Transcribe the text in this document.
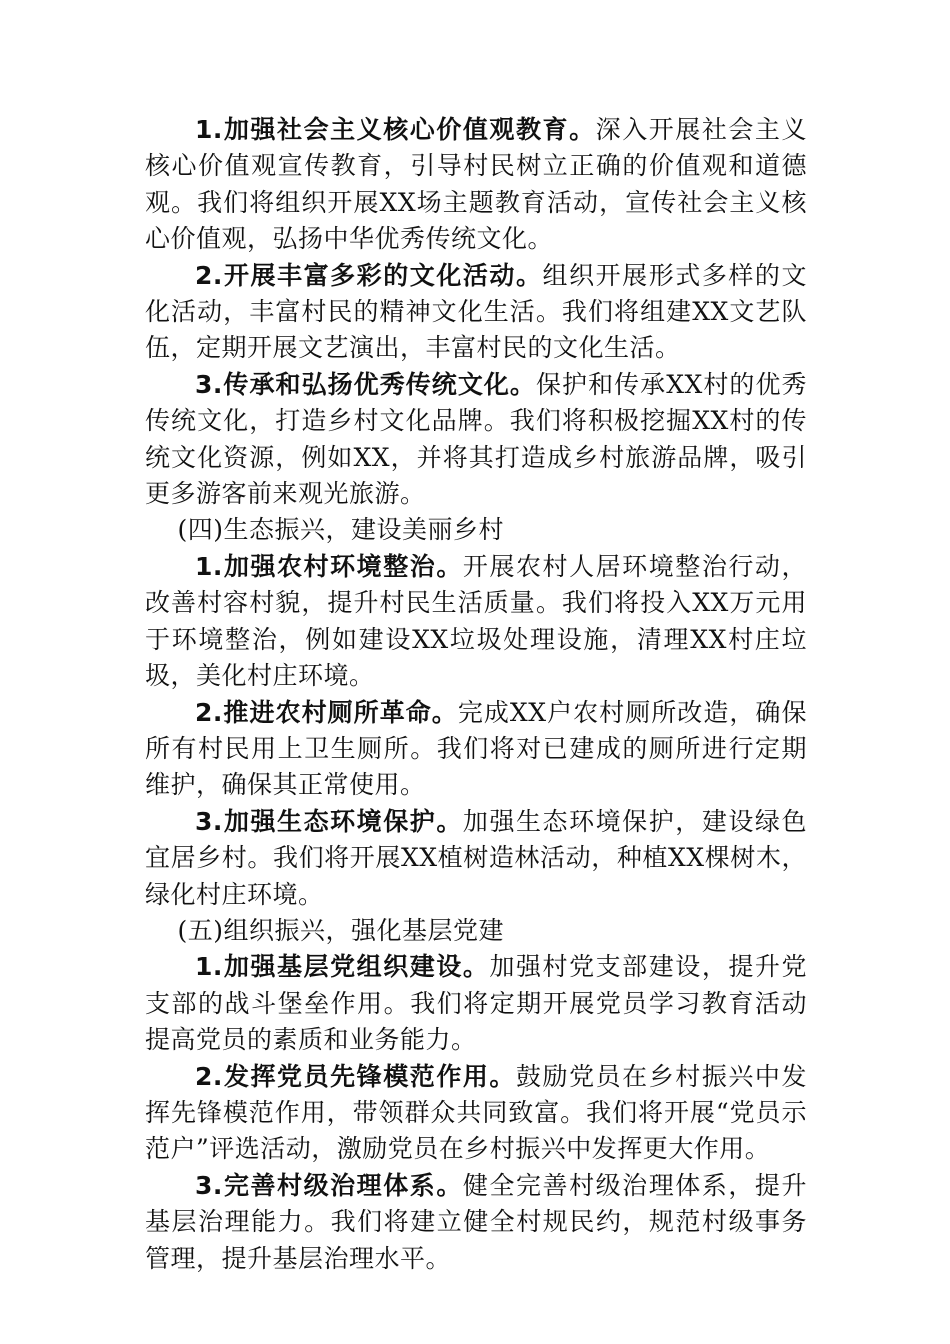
1.加强社会主义核心价值观教育。深入开展社会主义核心价值观宣传教育，引导村民树立正确的价值观和道德观。我们将组织开展XX场主题教育活动，宣传社会主义核心价值观，弘扬中华优秀传统文化。

2.开展丰富多彩的文化活动。组织开展形式多样的文化活动，丰富村民的精神文化生活。我们将组建XX文艺队伍，定期开展文艺演出，丰富村民的文化生活。

3.传承和弘扬优秀传统文化。保护和传承XX村的优秀传统文化，打造乡村文化品牌。我们将积极挖掘XX村的传统文化资源，例如XX，并将其打造成乡村旅游品牌，吸引更多游客前来观光旅游。

(四)生态振兴，建设美丽乡村

1.加强农村环境整治。开展农村人居环境整治行动，改善村容村貌，提升村民生活质量。我们将投入XX万元用于环境整治，例如建设XX垃圾处理设施，清理XX村庄垃圾，美化村庄环境。

2.推进农村厕所革命。完成XX户农村厕所改造，确保所有村民用上卫生厕所。我们将对已建成的厕所进行定期维护，确保其正常使用。

3.加强生态环境保护。加强生态环境保护，建设绿色宜居乡村。我们将开展XX植树造林活动，种植XX棵树木，绿化村庄环境。

(五)组织振兴，强化基层党建

1.加强基层党组织建设。加强村党支部建设，提升党支部的战斗堡垒作用。我们将定期开展党员学习教育活动提高党员的素质和业务能力。

2.发挥党员先锋模范作用。鼓励党员在乡村振兴中发挥先锋模范作用，带领群众共同致富。我们将开展“党员示范户”评选活动，激励党员在乡村振兴中发挥更大作用。

3.完善村级治理体系。健全完善村级治理体系，提升基层治理能力。我们将建立健全村规民约，规范村级事务管理，提升基层治理水平。
